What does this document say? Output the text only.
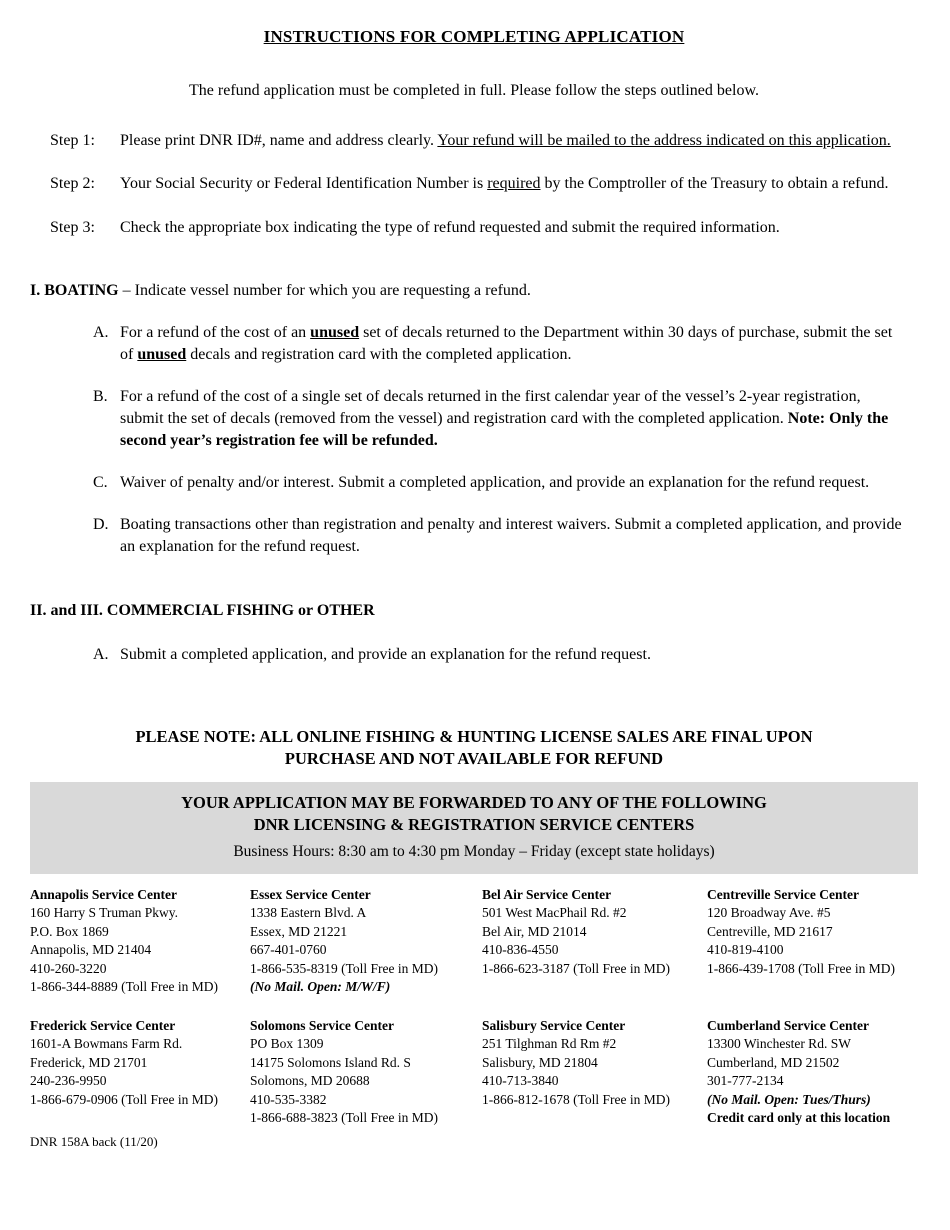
INSTRUCTIONS FOR COMPLETING APPLICATION

The refund application must be completed in full. Please follow the steps outlined below.

Step 1:	Please print DNR ID#, name and address clearly. Your refund will be mailed to the address indicated on this application.
Step 2:	Your Social Security or Federal Identification Number is required by the Comptroller of the Treasury to obtain a refund.
Step 3:	Check the appropriate box indicating the type of refund requested and submit the required information.
I. BOATING – Indicate vessel number for which you are requesting a refund.
A. For a refund of the cost of an unused set of decals returned to the Department within 30 days of purchase, submit the set of unused decals and registration card with the completed application.
B. For a refund of the cost of a single set of decals returned in the first calendar year of the vessel’s 2-year registration, submit the set of decals (removed from the vessel) and registration card with the completed application. Note: Only the second year’s registration fee will be refunded.
C. Waiver of penalty and/or interest. Submit a completed application, and provide an explanation for the refund request.
D. Boating transactions other than registration and penalty and interest waivers. Submit a completed application, and provide an explanation for the refund request.
II. and III. COMMERCIAL FISHING or OTHER
A. Submit a completed application, and provide an explanation for the refund request.
PLEASE NOTE: ALL ONLINE FISHING & HUNTING LICENSE SALES ARE FINAL UPON
PURCHASE AND NOT AVAILABLE FOR REFUND
YOUR APPLICATION MAY BE FORWARDED TO ANY OF THE FOLLOWING
DNR LICENSING & REGISTRATION SERVICE CENTERS
Business Hours: 8:30 am to 4:30 pm Monday – Friday (except state holidays)
Annapolis Service Center
160 Harry S Truman Pkwy.
P.O. Box 1869
Annapolis, MD 21404
410-260-3220
1-866-344-8889 (Toll Free in MD)
Essex Service Center
1338 Eastern Blvd. A
Essex, MD 21221
667-401-0760
1-866-535-8319 (Toll Free in MD)
(No Mail. Open: M/W/F)
Bel Air Service Center
501 West MacPhail Rd. #2
Bel Air, MD 21014
410-836-4550
1-866-623-3187 (Toll Free in MD)
Centreville Service Center
120 Broadway Ave. #5
Centreville, MD 21617
410-819-4100
1-866-439-1708 (Toll Free in MD)
Frederick Service Center
1601-A Bowmans Farm Rd.
Frederick, MD 21701
240-236-9950
1-866-679-0906 (Toll Free in MD)
Solomons Service Center
PO Box 1309
14175 Solomons Island Rd. S
Solomons, MD 20688
410-535-3382
1-866-688-3823 (Toll Free in MD)
Salisbury Service Center
251 Tilghman Rd Rm #2
Salisbury, MD 21804
410-713-3840
1-866-812-1678 (Toll Free in MD)
Cumberland Service Center
13300 Winchester Rd. SW
Cumberland, MD 21502
301-777-2134
(No Mail. Open: Tues/Thurs)
Credit card only at this location
DNR 158A back (11/20)
